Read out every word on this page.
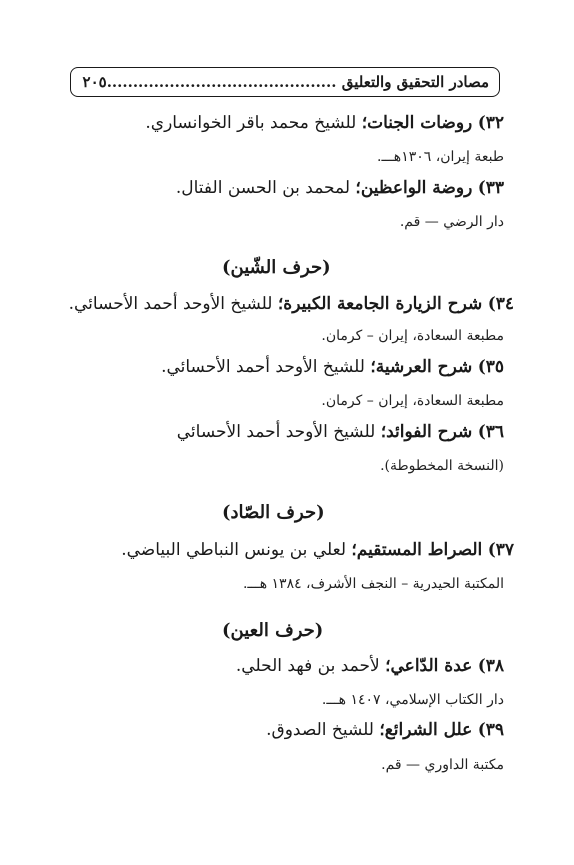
مصادر التحقيق والتعليق ............................................٢٠٥
٣٢) روضات الجنات؛ للشيخ محمد باقر الخوانساري.
طبعة إيران، ١٣٠٦هـــ.
٣٣) روضة الواعظين؛ لمحمد بن الحسن الفتال.
دار الرضي — قم.
(حرف الشّين)
٣٤) شرح الزيارة الجامعة الكبيرة؛ للشيخ الأوحد أحمد الأحسائي.
مطبعة السعادة، إيران – كرمان.
٣٥) شرح العرشية؛ للشيخ الأوحد أحمد الأحسائي.
مطبعة السعادة، إيران – كرمان.
٣٦) شرح الفوائد؛ للشيخ الأوحد أحمد الأحسائي
(النسخة المخطوطة).
(حرف الصّاد)
٣٧) الصراط المستقيم؛ لعلي بن يونس النباطي البياضي.
المكتبة الحيدرية – النجف الأشرف، ١٣٨٤ هـــ.
(حرف العين)
٣٨) عدة الدّاعي؛ لأحمد بن فهد الحلي.
دار الكتاب الإسلامي، ١٤٠٧ هـــ.
٣٩) علل الشرائع؛ للشيخ الصدوق.
مكتبة الداوري — قم.
